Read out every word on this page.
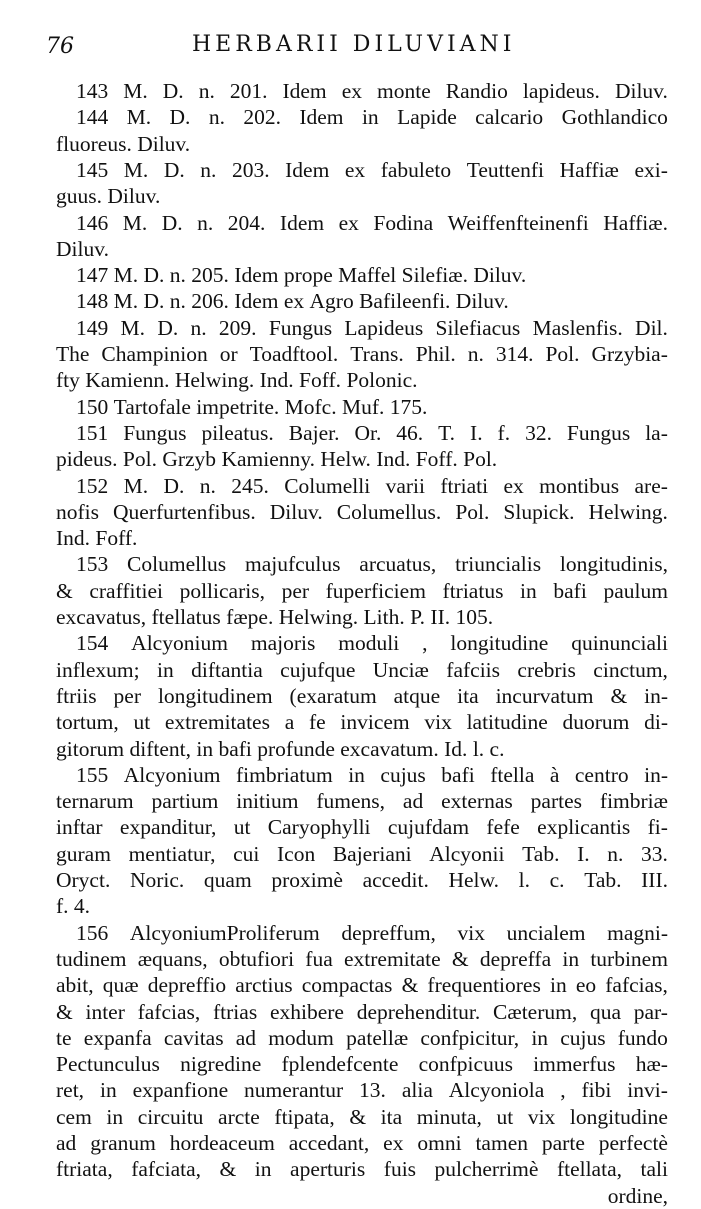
76	HERBARII DILUVIANI
143 M. D. n. 201. Idem ex monte Randio lapideus. Diluv.
144 M. D. n. 202. Idem in Lapide calcario Gothlandico
fluoreus. Diluv.
145 M. D. n. 203. Idem ex fabuleto Teuttenfi Haffiæ exi-
guus. Diluv.
146 M. D. n. 204. Idem ex Fodina Weiffenfteinenfi Haffiæ.
Diluv.
147 M. D. n. 205. Idem prope Maffel Silefiæ. Diluv.
148 M. D. n. 206. Idem ex Agro Bafileenfi. Diluv.
149 M. D. n. 209. Fungus Lapideus Silefiacus Maslenfis. Dil.
The Champinion or Toadftool. Trans. Phil. n. 314. Pol. Grzybia-
fty Kamienn. Helwing. Ind. Foff. Polonic.
150 Tartofale impetrite. Mofc. Muf. 175.
151 Fungus pileatus. Bajer. Or. 46. T. I. f. 32. Fungus la-
pideus. Pol. Grzyb Kamienny. Helw. Ind. Foff. Pol.
152 M. D. n. 245. Columelli varii ftriati ex montibus are-
nofis Querfurtenfibus. Diluv. Columellus. Pol. Slupick. Helwing.
Ind. Foff.
153 Columellus majufculus arcuatus, triuncialis longitudinis,
& craffitiei pollicaris, per fuperficiem ftriatus in bafi paulum
excavatus, ftellatus fæpe. Helwing. Lith. P. II. 105.
154 Alcyonium majoris moduli , longitudine quinunciali
inflexum; in diftantia cujufque Unciæ fafciis crebris cinctum,
ftriis per longitudinem (exaratum atque ita incurvatum & in-
tortum, ut extremitates a fe invicem vix latitudine duorum di-
gitorum diftent, in bafi profunde excavatum. Id. l. c.
155 Alcyonium fimbriatum in cujus bafi ftella à centro in-
ternarum partium initium fumens, ad externas partes fimbriæ
inftar expanditur, ut Caryophylli cujufdam fefe explicantis fi-
guram mentiatur, cui Icon Bajeriani Alcyonii Tab. I. n. 33.
Oryct. Noric. quam proximè accedit. Helw. l. c. Tab. III.
f. 4.
156 AlcyoniumProliferum depreffum, vix uncialem magni-
tudinem æquans, obtufiori fua extremitate & depreffa in turbinem
abit, quæ depreffio arctius compactas & frequentiores in eo fafcias,
& inter fafcias, ftrias exhibere deprehenditur. Cæterum, qua par-
te expanfa cavitas ad modum patellæ confpicitur, in cujus fundo
Pectunculus nigredine fplendefcente confpicuus immerfus hæ-
ret, in expanfione numerantur 13. alia Alcyoniola , fibi invi-
cem in circuitu arcte ftipata, & ita minuta, ut vix longitudine
ad granum hordeaceum accedant, ex omni tamen parte perfectè
ftriata, fafciata, & in aperturis fuis pulcherrimè ftellata, tali
ordine,
